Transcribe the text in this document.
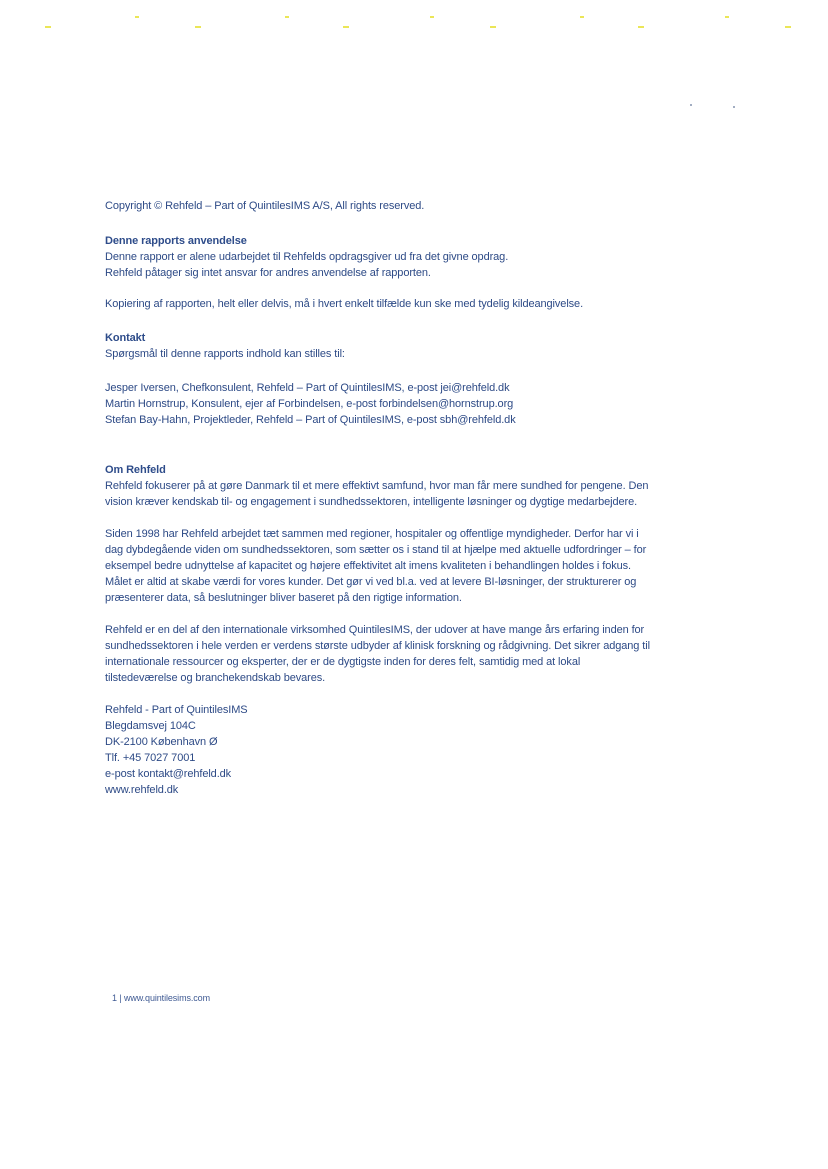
Copyright © Rehfeld – Part of QuintilesIMS A/S, All rights reserved.

Denne rapports anvendelse

Denne rapport er alene udarbejdet til Rehfelds opdragsgiver ud fra det givne opdrag.

Rehfeld påtager sig intet ansvar for andres anvendelse af rapporten.

Kopiering af rapporten, helt eller delvis, må i hvert enkelt tilfælde kun ske med tydelig kildeangivelse.

Kontakt

Spørgsmål til denne rapports indhold kan stilles til:

Jesper Iversen, Chefkonsulent, Rehfeld – Part of QuintilesIMS, e-post jei@rehfeld.dk

Martin Hornstrup, Konsulent, ejer af Forbindelsen, e-post forbindelsen@hornstrup.org

Stefan Bay-Hahn, Projektleder, Rehfeld – Part of QuintilesIMS, e-post sbh@rehfeld.dk

Om Rehfeld

Rehfeld fokuserer på at gøre Danmark til et mere effektivt samfund, hvor man får mere sundhed for pengene. Den

vision kræver kendskab til- og engagement i sundhedssektoren, intelligente løsninger og dygtige medarbejdere.

Siden 1998 har Rehfeld arbejdet tæt sammen med regioner, hospitaler og offentlige myndigheder. Derfor har vi i

dag dybdegående viden om sundhedssektoren, som sætter os i stand til at hjælpe med aktuelle udfordringer – for

eksempel bedre udnyttelse af kapacitet og højere effektivitet alt imens kvaliteten i behandlingen holdes i fokus.

Målet er altid at skabe værdi for vores kunder. Det gør vi ved bl.a. ved at levere BI-løsninger, der strukturerer og

præsenterer data, så beslutninger bliver baseret på den rigtige information.

Rehfeld er en del af den internationale virksomhed QuintilesIMS, der udover at have mange års erfaring inden for

sundhedssektoren i hele verden er verdens største udbyder af klinisk forskning og rådgivning. Det sikrer adgang til

internationale ressourcer og eksperter, der er de dygtigste inden for deres felt, samtidig med at lokal

tilstedeværelse og branchekendskab bevares.

Rehfeld - Part of QuintilesIMS

Blegdamsvej 104C

DK-2100 København Ø

Tlf. +45 7027 7001

e-post kontakt@rehfeld.dk

www.rehfeld.dk

1 | www.quintilesims.com
